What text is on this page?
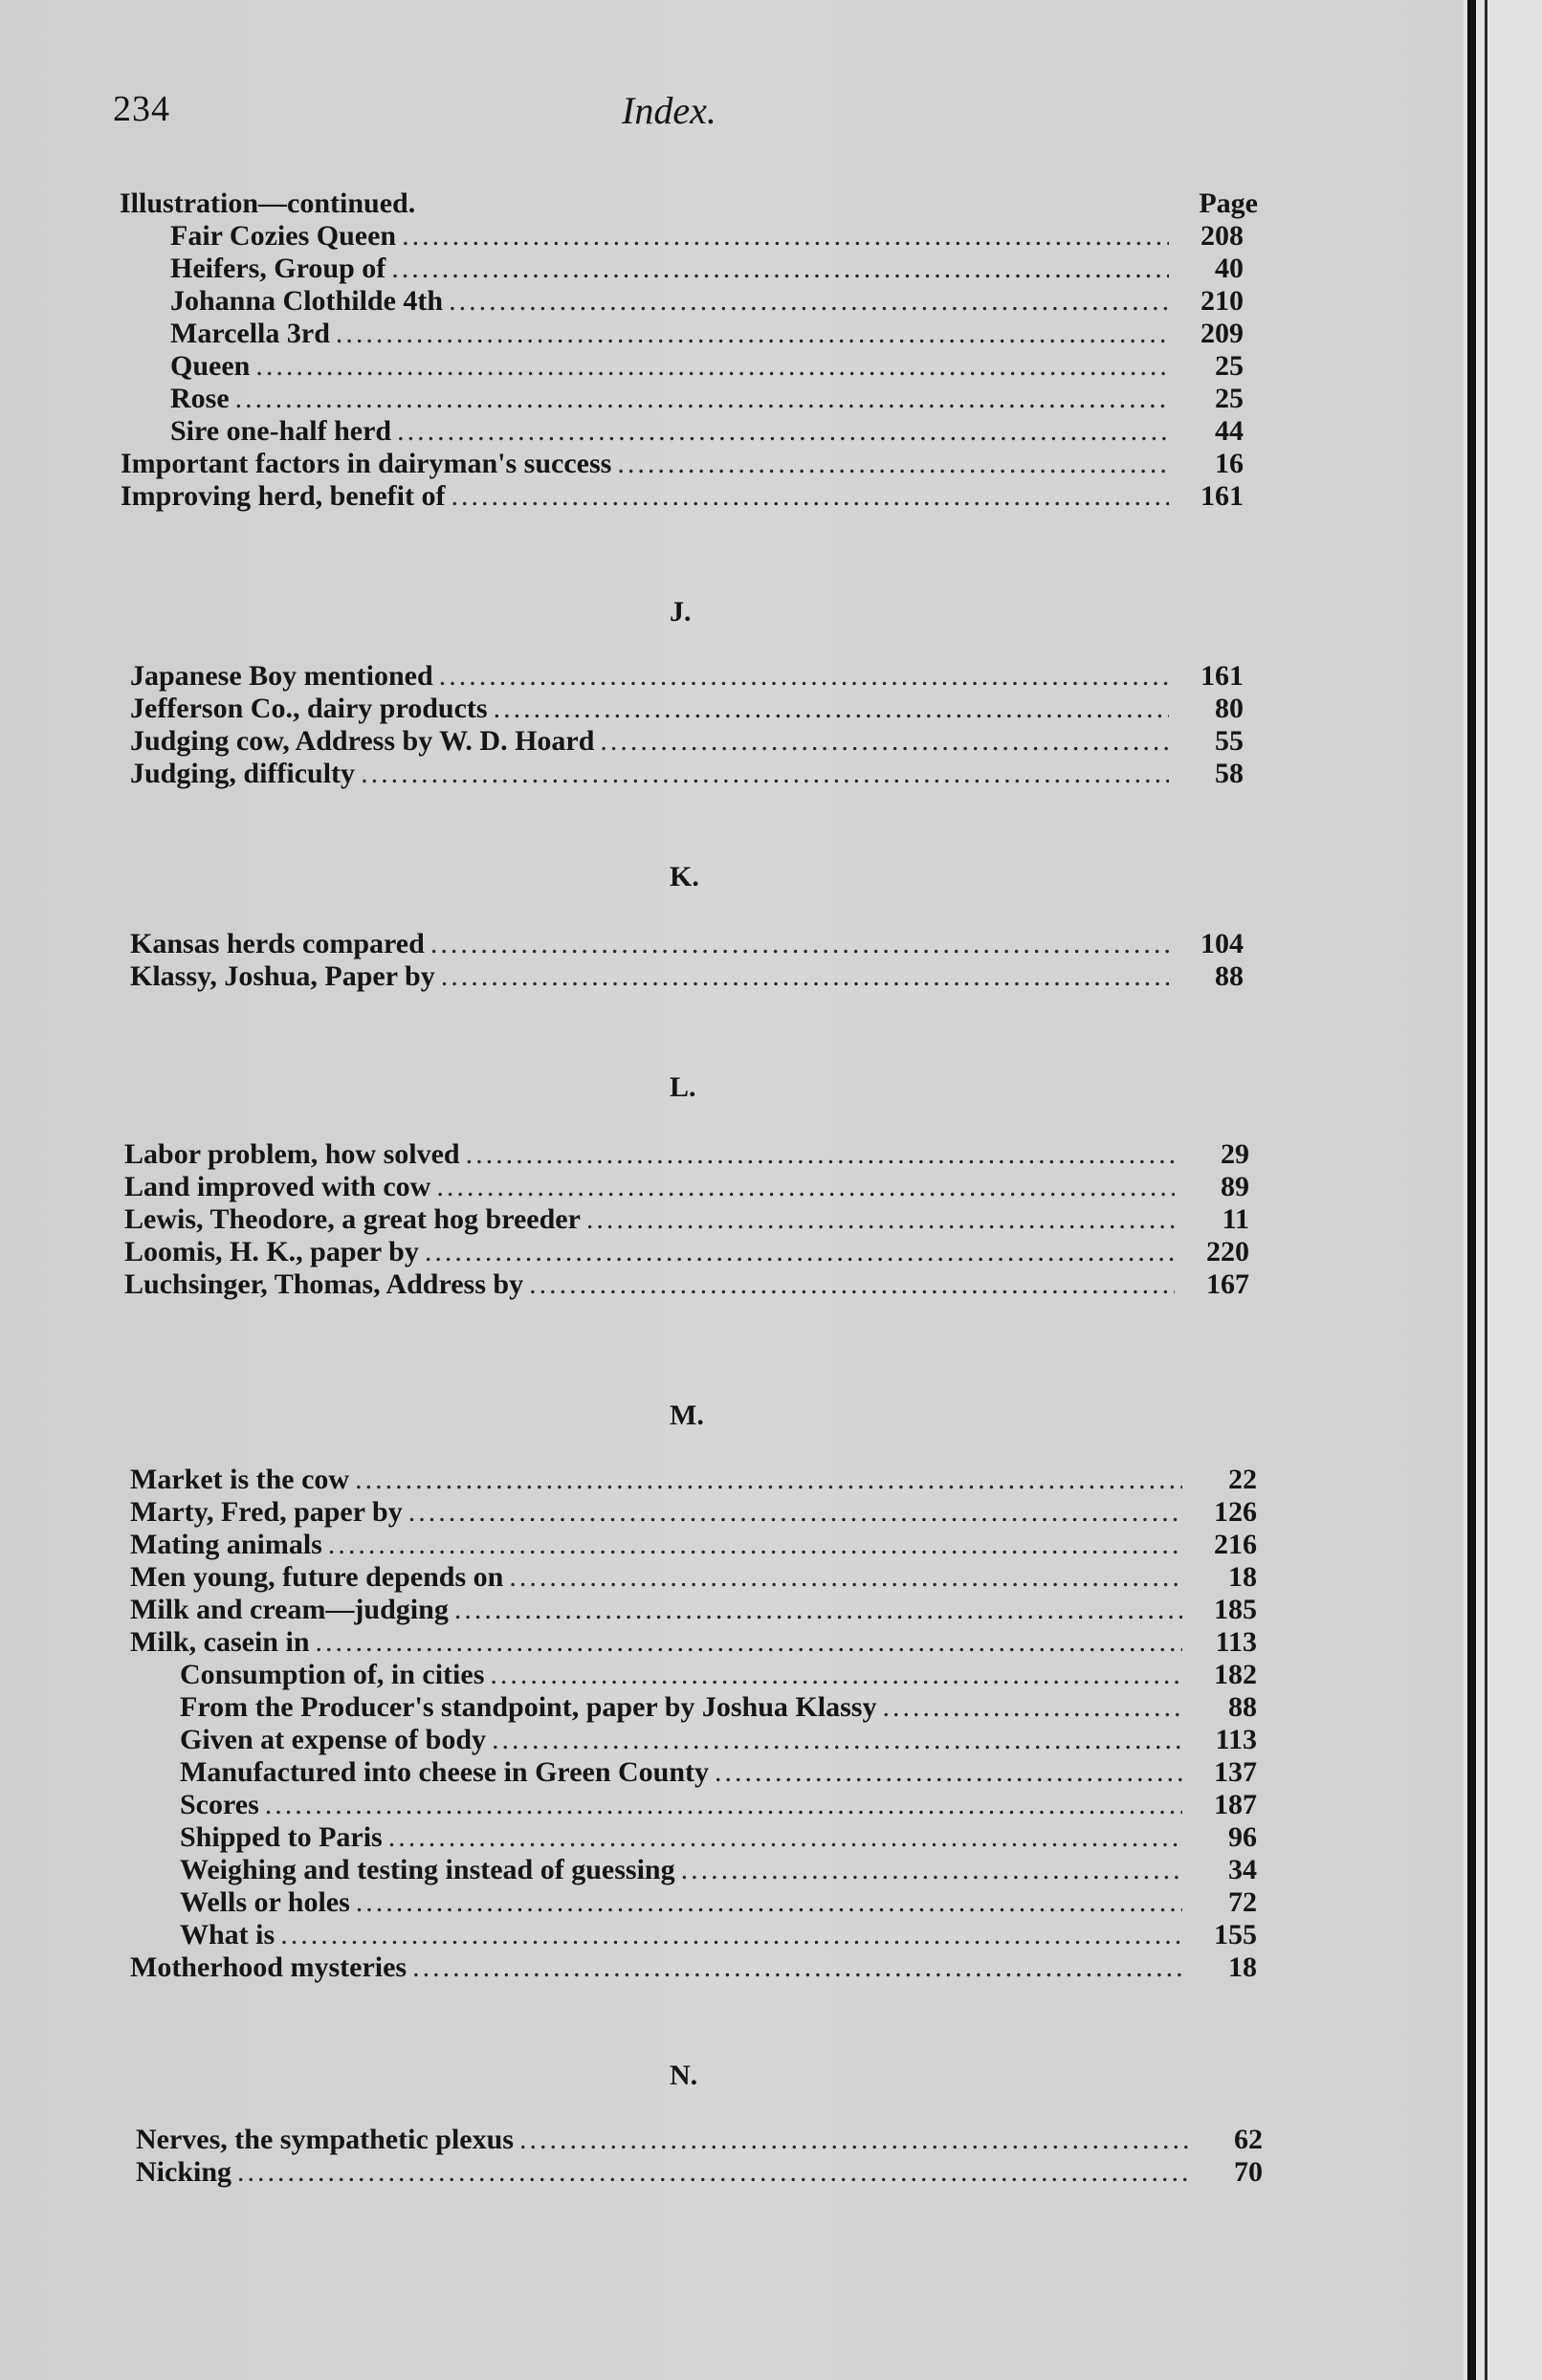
234	Index.
Illustration—continued.	Page
Fair Cozies Queen .....	208
Heifers, Group of .....	40
Johanna Clothilde 4th .....	210
Marcella 3rd .....	209
Queen .....	25
Rose .....	25
Sire one-half herd .....	44
Important factors in dairyman's success .....	16
Improving herd, benefit of .....	161
J.
Japanese Boy mentioned .....	161
Jefferson Co., dairy products .....	80
Judging cow, Address by W. D. Hoard .....	55
Judging, difficulty .....	58
K.
Kansas herds compared .....	104
Klassy, Joshua, Paper by .....	88
L.
Labor problem, how solved .....	29
Land improved with cow .....	89
Lewis, Theodore, a great hog breeder .....	11
Loomis, H. K., paper by .....	220
Luchsinger, Thomas, Address by .....	167
M.
Market is the cow .....	22
Marty, Fred, paper by .....	126
Mating animals .....	216
Men young, future depends on .....	18
Milk and cream—judging .....	185
Milk, casein in .....	113
Consumption of, in cities .....	182
From the Producer's standpoint, paper by Joshua Klassy .....	88
Given at expense of body .....	113
Manufactured into cheese in Green County .....	137
Scores .....	187
Shipped to Paris .....	96
Weighing and testing instead of guessing .....	34
Wells or holes .....	72
What is .....	155
Motherhood mysteries .....	18
N.
Nerves, the sympathetic plexus .....	62
Nicking .....	70
